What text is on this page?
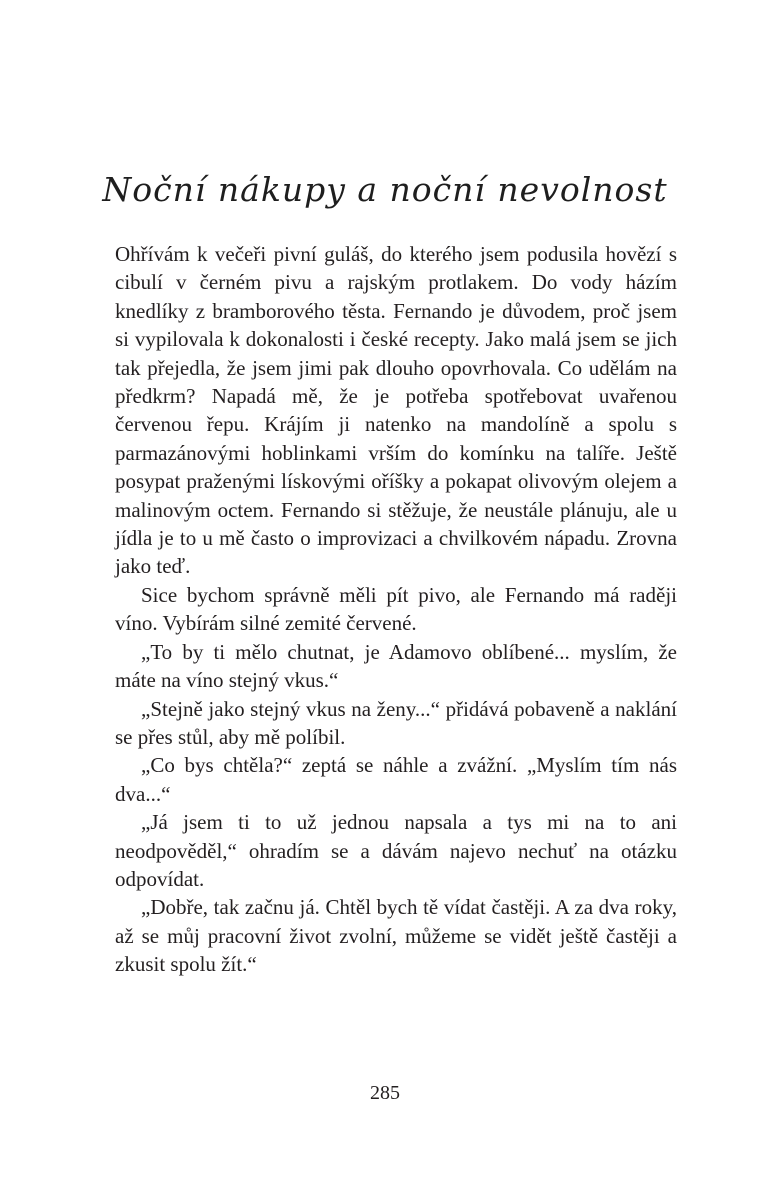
Noční nákupy a noční nevolnost

Ohřívám k večeři pivní guláš, do kterého jsem podusila hovězí s cibulí v černém pivu a rajským protlakem. Do vody házím knedlíky z bramborového těsta. Fernando je důvodem, proč jsem si vypilovala k dokonalosti i české recepty. Jako malá jsem se jich tak přejedla, že jsem jimi pak dlouho opovrhovala. Co udělám na předkrm? Napadá mě, že je potřeba spotřebovat uvařenou červenou řepu. Krájím ji natenko na mandolíně a spolu s parmazánovými hoblinkami vrším do komínku na talíře. Ještě posypat praženými lískovými oříšky a pokapat olivovým olejem a malinovým octem. Fernando si stěžuje, že neustále plánuju, ale u jídla je to u mě často o improvizaci a chvilkovém nápadu. Zrovna jako teď.

Sice bychom správně měli pít pivo, ale Fernando má raději víno. Vybírám silné zemité červené.

„To by ti mělo chutnat, je Adamovo oblíbené... myslím, že máte na víno stejný vkus.“

„Stejně jako stejný vkus na ženy...“ přidává pobaveně a naklání se přes stůl, aby mě políbil.

„Co bys chtěla?“ zeptá se náhle a zvážní. „Myslím tím nás dva...“

„Já jsem ti to už jednou napsala a tys mi na to ani neodpověděl,“ ohradím se a dávám najevo nechuť na otázku odpovídat.

„Dobře, tak začnu já. Chtěl bych tě vídat častěji. A za dva roky, až se můj pracovní život zvolní, můžeme se vidět ještě častěji a zkusit spolu žít.“

285
